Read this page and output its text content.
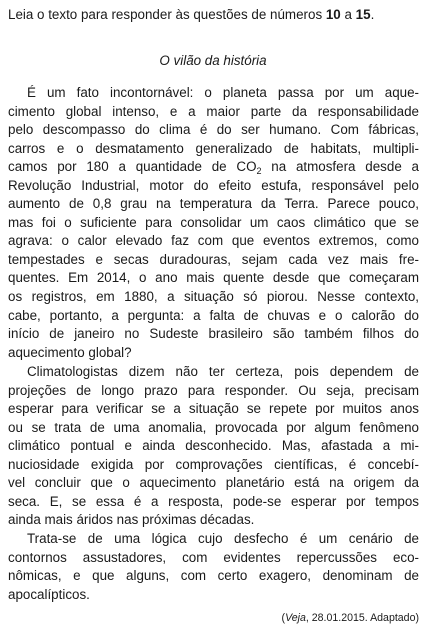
Leia o texto para responder às questões de números 10 a 15.
O vilão da história
É um fato incontornável: o planeta passa por um aque-
cimento global intenso, e a maior parte da responsabilidade
pelo descompasso do clima é do ser humano. Com fábricas,
carros e o desmatamento generalizado de habitats, multipli-
camos por 180 a quantidade de $CO_2$ na atmosfera desde a
Revolução Industrial, motor do efeito estufa, responsável pelo
aumento de 0,8 grau na temperatura da Terra. Parece pouco,
mas foi o suficiente para consolidar um caos climático que se
agrava: o calor elevado faz com que eventos extremos, como
tempestades e secas duradouras, sejam cada vez mais fre-
quentes. Em 2014, o ano mais quente desde que começaram
os registros, em 1880, a situação só piorou. Nesse contexto,
cabe, portanto, a pergunta: a falta de chuvas e o calorão do
início de janeiro no Sudeste brasileiro são também filhos do
aquecimento global?
Climatologistas dizem não ter certeza, pois dependem de
projeções de longo prazo para responder. Ou seja, precisam
esperar para verificar se a situação se repete por muitos anos
ou se trata de uma anomalia, provocada por algum fenômeno
climático pontual e ainda desconhecido. Mas, afastada a mi-
nuciosidade exigida por comprovações científicas, é concebí-
vel concluir que o aquecimento planetário está na origem da
seca. E, se essa é a resposta, pode-se esperar por tempos
ainda mais áridos nas próximas décadas.
Trata-se de uma lógica cujo desfecho é um cenário de
contornos assustadores, com evidentes repercussões eco-
nômicas, e que alguns, com certo exagero, denominam de
apocalípticos.
(Veja, 28.01.2015. Adaptado)
